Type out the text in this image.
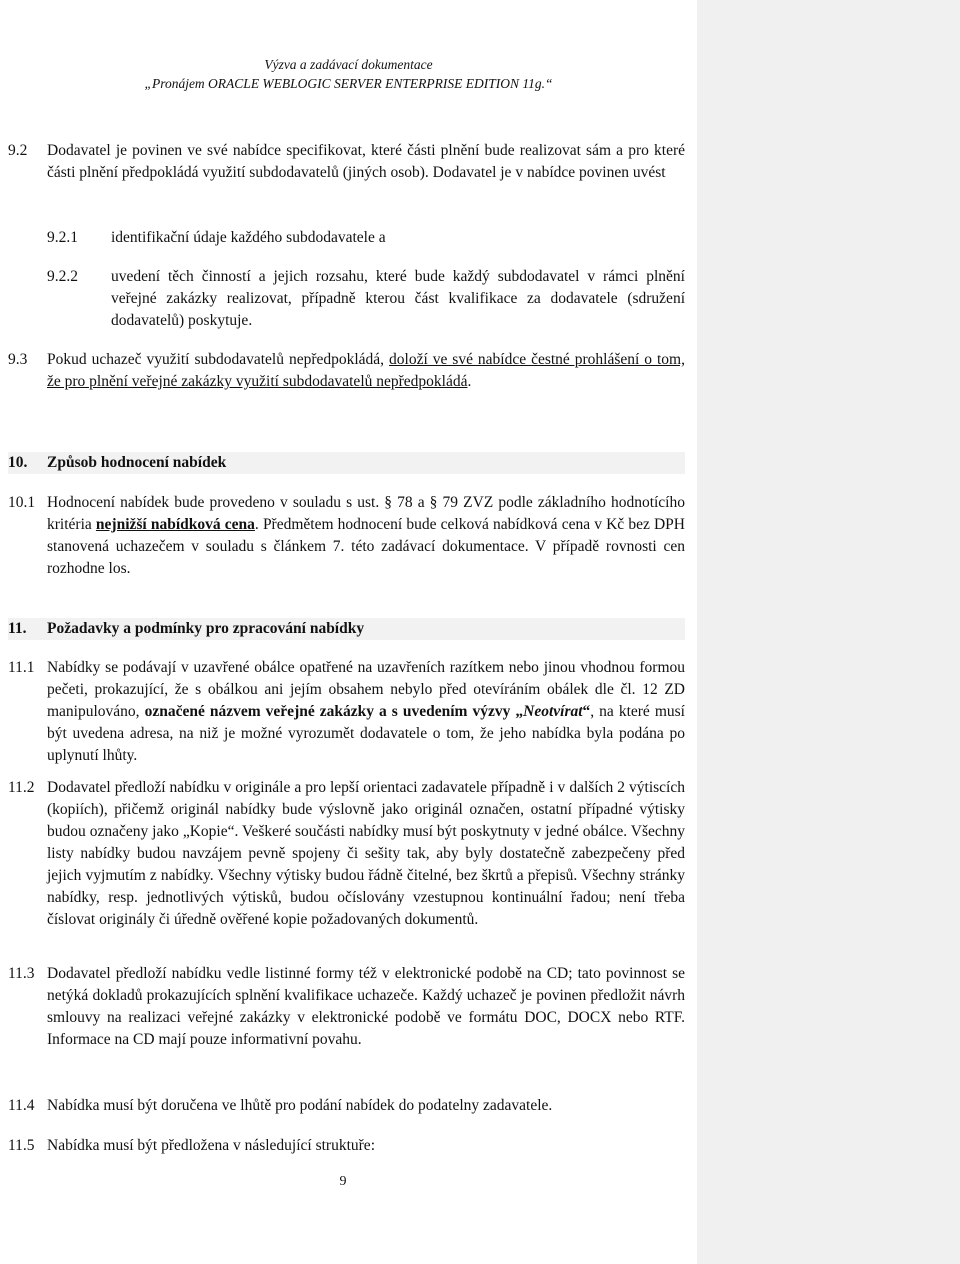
Výzva a zadávací dokumentace
„Pronájem ORACLE WEBLOGIC SERVER ENTERPRISE EDITION 11g.“
9.2 Dodavatel je povinen ve své nabídce specifikovat, které části plnění bude realizovat sám a pro které části plnění předpokládá využití subdodavatelů (jiných osob). Dodavatel je v nabídce povinen uvést
9.2.1 identifikační údaje každého subdodavatele a
9.2.2 uvedení těch činností a jejich rozsahu, které bude každý subdodavatel v rámci plnění veřejné zakázky realizovat, případně kterou část kvalifikace za dodavatele (sdružení dodavatelů) poskytuje.
9.3 Pokud uchazeč využití subdodavatelů nepředpokládá, doloží ve své nabídce čestné prohlášení o tom, že pro plnění veřejné zakázky využití subdodavatelů nepředpokládá.
10. Způsob hodnocení nabídek
10.1 Hodnocení nabídek bude provedeno v souladu s ust. § 78 a § 79 ZVZ podle základního hodnotícího kritéria nejnižší nabídková cena. Předmětem hodnocení bude celková nabídková cena v Kč bez DPH stanovená uchazečem v souladu s článkem 7. této zadávací dokumentace. V případě rovnosti cen rozhodne los.
11. Požadavky a podmínky pro zpracování nabídky
11.1 Nabídky se podávají v uzavřené obálce opatřené na uzavřeních razítkem nebo jinou vhodnou formou pečeti, prokazující, že s obálkou ani jejím obsahem nebylo před otevíráním obálek dle čl. 12 ZD manipulováno, označené názvem veřejné zakázky a s uvedením výzvy „Neotvírat“, na které musí být uvedena adresa, na niž je možné vyrozumět dodavatele o tom, že jeho nabídka byla podána po uplynutí lhůty.
11.2 Dodavatel předloží nabídku v originále a pro lepší orientaci zadavatele případně i v dalších 2 výtiscích (kopiích), přičemž originál nabídky bude výslovně jako originál označen, ostatní případné výtisky budou označeny jako „Kopie“. Veškeré součásti nabídky musí být poskytnuty v jedné obálce. Všechny listy nabídky budou navzájem pevně spojeny či sešity tak, aby byly dostatečně zabezpečeny před jejich vyjmutím z nabídky. Všechny výtisky budou řádně čitelné, bez škrtů a přepisů. Všechny stránky nabídky, resp. jednotlivých výtisků, budou očíslovány vzestupnou kontinuální řadou; není třeba číslovat originály či úředně ověřené kopie požadovaných dokumentů.
11.3 Dodavatel předloží nabídku vedle listinné formy též v elektronické podobě na CD; tato povinnost se netýká dokladů prokazujících splnění kvalifikace uchazeče. Každý uchazeč je povinen předložit návrh smlouvy na realizaci veřejné zakázky v elektronické podobě ve formátu DOC, DOCX nebo RTF. Informace na CD mají pouze informativní povahu.
11.4 Nabídka musí být doručena ve lhůtě pro podání nabídek do podatelny zadavatele.
11.5 Nabídka musí být předložena v následující struktuře:
9
